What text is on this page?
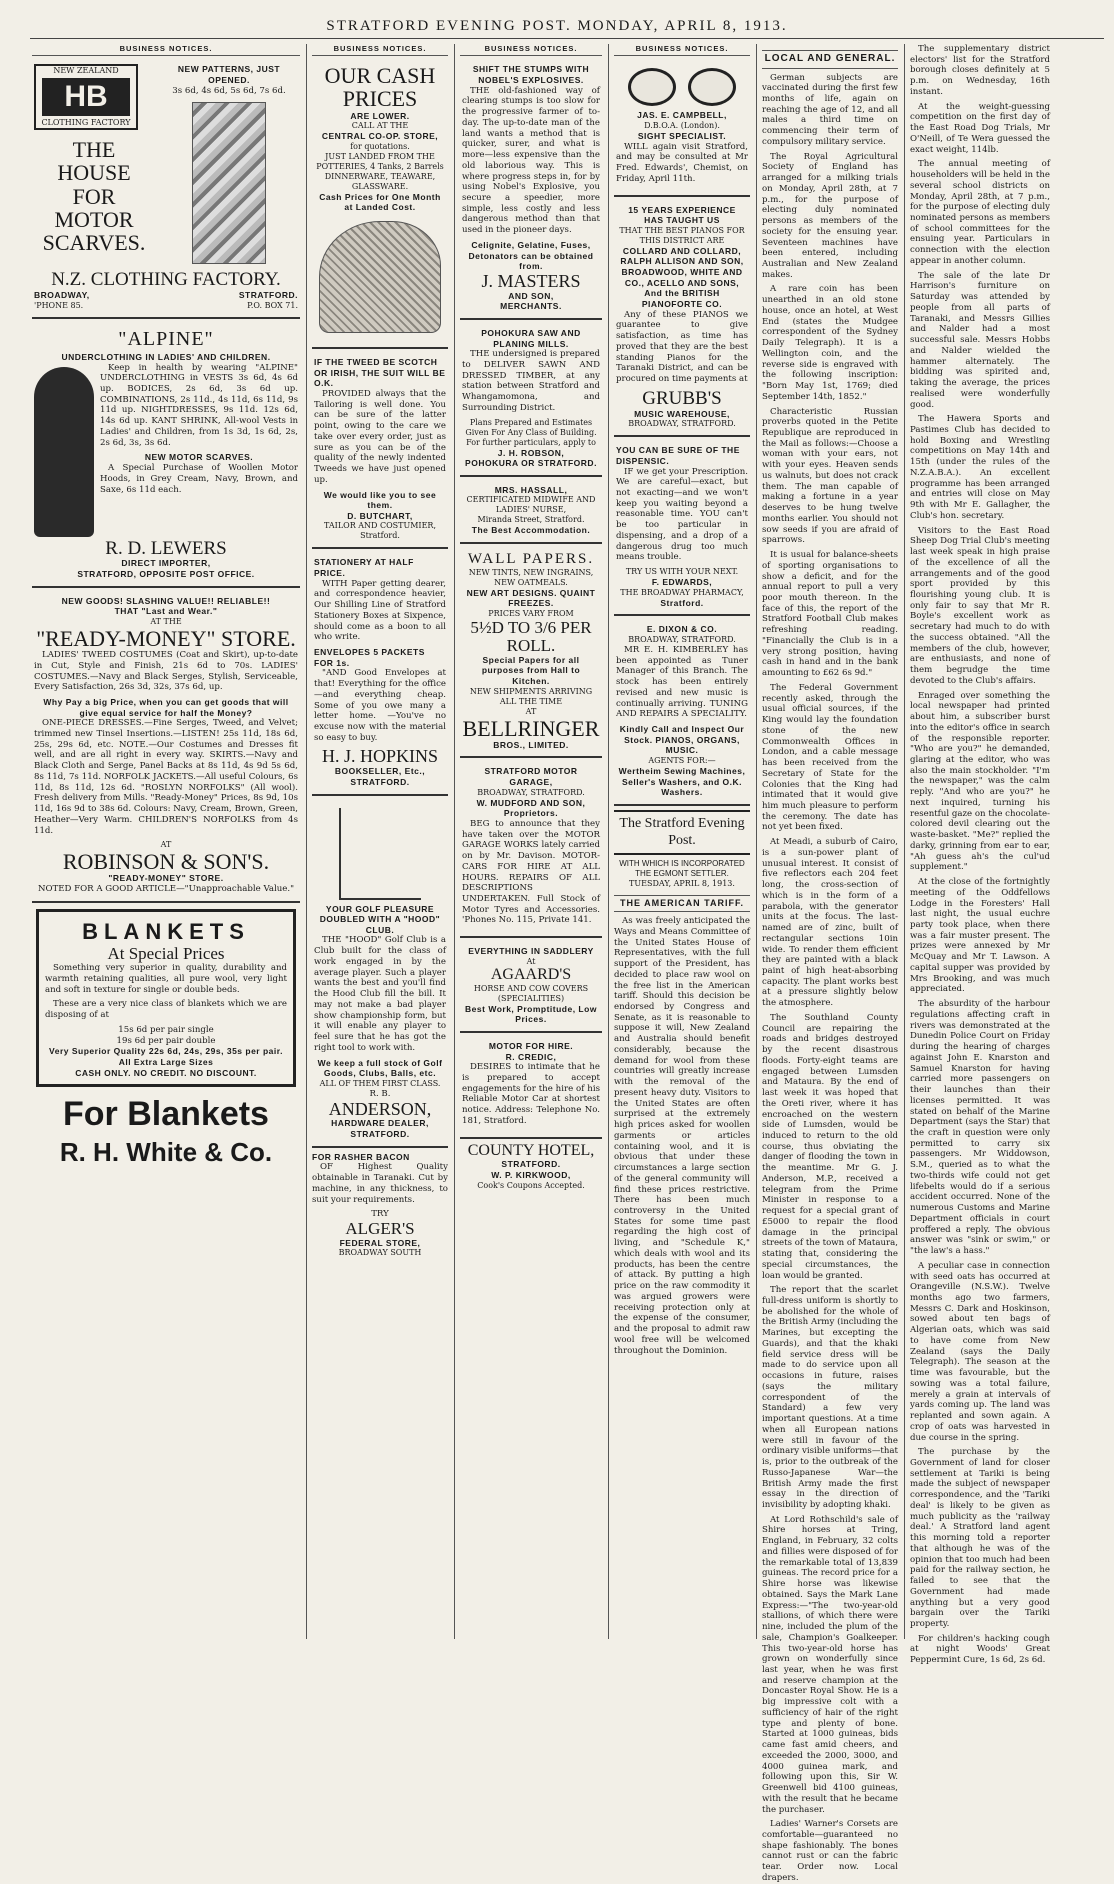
STRATFORD EVENING POST. MONDAY, APRIL 8, 1913.
BUSINESS NOTICES.
NEW ZEALAND
HB
CLOTHING FACTORY
THE HOUSE FOR MOTOR SCARVES.
NEW PATTERNS, JUST OPENED.
3s 6d, 4s 6d, 5s 6d, 7s 6d.
N.Z. CLOTHING FACTORY.
BROADWAY,	STRATFORD.
'PHONE 85.	P.O. BOX 71.
"ALPINE"
UNDERCLOTHING IN LADIES' AND CHILDREN.

Keep in health by wearing "ALPINE" UNDERCLOTHING in VESTS 3s 6d, 4s 6d up. BODICES, 2s 6d, 3s 6d up. COMBINATIONS, 2s 11d., 4s 11d, 6s 11d, 9s 11d up. NIGHTDRESSES, 9s 11d. 12s 6d, 14s 6d up. KANT SHRINK, All-wool Vests in Ladies' and Children, from 1s 3d, 1s 6d, 2s, 2s 6d, 3s, 3s 6d.

NEW MOTOR SCARVES.

A Special Purchase of Woollen Motor Hoods, in Grey Cream, Navy, Brown, and Saxe, 6s 11d each.

R. D. LEWERS
DIRECT IMPORTER,
STRATFORD, OPPOSITE POST OFFICE.
NEW GOODS! SLASHING VALUE!! RELIABLE!!
THAT "Last and Wear."
AT THE
"READY-MONEY" STORE.

LADIES' TWEED COSTUMES (Coat and Skirt), up-to-date in Cut, Style and Finish, 21s 6d to 70s. LADIES' COSTUMES.—Navy and Black Serges, Stylish, Serviceable, Every Satisfaction, 26s 3d, 32s, 37s 6d, up.

Why Pay a big Price, when you can get goods that will give equal service for half the Money?

ONE-PIECE DRESSES.—Fine Serges, Tweed, and Velvet; trimmed new Tinsel Insertions.—LISTEN! 25s 11d, 18s 6d, 25s, 29s 6d, etc. NOTE.—Our Costumes and Dresses fit well, and are all right in every way. SKIRTS.—Navy and Black Cloth and Serge, Panel Backs at 8s 11d, 4s 9d 5s 6d, 8s 11d, 7s 11d. NORFOLK JACKETS.—All useful Colours, 6s 11d, 8s 11d, 12s 6d. "ROSLYN NORFOLKS" (All wool). Fresh delivery from Mills. "Ready-Money" Prices, 8s 9d, 10s 11d, 16s 9d to 38s 6d. Colours: Navy, Cream, Brown, Green, Heather—Very Warm. CHILDREN'S NORFOLKS from 4s 11d.

AT
ROBINSON & SON'S.
"READY-MONEY" STORE.
NOTED FOR A GOOD ARTICLE—"Unapproachable Value."
BLANKETS
At Special Prices

Something very superior in quality, durability and warmth retaining qualities, all pure wool, very light and soft in texture for single or double beds.

These are a very nice class of blankets which we are disposing of at

15s 6d per pair single
19s 6d per pair double
Very Superior Quality 22s 6d, 24s, 29s, 35s per pair.
All Extra Large Sizes
CASH ONLY. NO CREDIT. NO DISCOUNT.
For Blankets
R. H. White & Co.
BUSINESS NOTICES.
OUR CASH PRICES
ARE LOWER.
CALL AT THE
CENTRAL CO-OP. STORE,
for quotations.
JUST LANDED FROM THE POTTERIES, 4 Tanks, 2 Barrels DINNERWARE, TEAWARE, GLASSWARE.
Cash Prices for One Month at Landed Cost.
IF THE TWEED BE SCOTCH OR IRISH, THE SUIT WILL BE O.K.

PROVIDED always that the Tailoring is well done. You can be sure of the latter point, owing to the care we take over every order, just as sure as you can be of the quality of the newly indented Tweeds we have just opened up.

We would like you to see them.
D. BUTCHART,
TAILOR AND COSTUMIER,
Stratford.
STATIONERY AT HALF PRICE.

WITH Paper getting dearer, and correspondence heavier, Our Shilling Line of Stratford Stationery Boxes at Sixpence, should come as a boon to all who write.

ENVELOPES 5 PACKETS FOR 1s.

"AND Good Envelopes at that! Everything for the office—and everything cheap. Some of you owe many a letter home. —You've no excuse now with the material so easy to buy.

H. J. HOPKINS
BOOKSELLER, Etc., STRATFORD.
YOUR GOLF PLEASURE
DOUBLED WITH A "HOOD" CLUB.

THE "HOOD" Golf Club is a Club built for the class of work engaged in by the average player. Such a player wants the best and you'll find the Hood Club fill the bill. It may not make a bad player show championship form, but it will enable any player to feel sure that he has got the right tool to work with.

We keep a full stock of Golf Goods, Clubs, Balls, etc.
ALL OF THEM FIRST CLASS.
R. B.
ANDERSON,
HARDWARE DEALER,
STRATFORD.
FOR RASHER BACON

OF Highest Quality obtainable in Taranaki. Cut by machine, in any thickness, to suit your requirements.

TRY
ALGER'S
FEDERAL STORE,
BROADWAY SOUTH
BUSINESS NOTICES.
SHIFT THE STUMPS WITH NOBEL'S EXPLOSIVES.

THE old-fashioned way of clearing stumps is too slow for the progressive farmer of to-day. The up-to-date man of the land wants a method that is quicker, surer, and what is more—less expensive than the old laborious way. This is where progress steps in, for by using Nobel's Explosive, you secure a speedier, more simple, less costly and less dangerous method than that used in the pioneer days.

Celignite, Gelatine, Fuses, Detonators can be obtained from.
J. MASTERS
AND SON,
MERCHANTS.
POHOKURA SAW AND PLANING MILLS.

THE undersigned is prepared to DELIVER SAWN AND DRESSED TIMBER, at any station between Stratford and Whangamomona, and Surrounding District.

Plans Prepared and Estimates Given For Any Class of Building.
For further particulars, apply to
J. H. ROBSON,
POHOKURA OR STRATFORD.
MRS. HASSALL,
CERTIFICATED MIDWIFE AND LADIES' NURSE,
Miranda Street, Stratford.
The Best Accommodation.
WALL PAPERS.
NEW TINTS, NEW INGRAINS, NEW OATMEALS.
NEW ART DESIGNS. QUAINT FREEZES.
PRICES VARY FROM
5½D TO 3/6 PER ROLL.
Special Papers for all purposes from Hall to Kitchen.
NEW SHIPMENTS ARRIVING ALL THE TIME
AT
BELLRINGER
BROS., LIMITED.
STRATFORD MOTOR GARAGE,
BROADWAY, STRATFORD.
W. MUDFORD AND SON, Proprietors.

BEG to announce that they have taken over the MOTOR GARAGE WORKS lately carried on by Mr. Davison. MOTOR-CARS FOR HIRE AT ALL HOURS. REPAIRS OF ALL DESCRIPTIONS UNDERTAKEN. Full Stock of Motor Tyres and Accessories. 'Phones No. 115, Private 141.

EVERYTHING IN SADDLERY
At
AGAARD'S
HORSE AND COW COVERS (SPECIALITIES)
Best Work, Promptitude, Low Prices.
MOTOR FOR HIRE.
R. CREDIC,

DESIRES to intimate that he is prepared to accept engagements for the hire of his Reliable Motor Car at shortest notice. Address: Telephone No. 181, Stratford.

COUNTY HOTEL,
STRATFORD.
W. P. KIRKWOOD,
Cook's Coupons Accepted.
BUSINESS NOTICES.
JAS. E. CAMPBELL,
D.B.O.A. (London).
SIGHT SPECIALIST.

WILL again visit Stratford, and may be consulted at Mr Fred. Edwards', Chemist, on Friday, April 11th.

15 YEARS EXPERIENCE
HAS TAUGHT US
THAT THE BEST PIANOS FOR THIS DISTRICT ARE
COLLARD AND COLLARD, RALPH ALLISON AND SON, BROADWOOD, WHITE AND CO., ACELLO AND SONS, And the BRITISH PIANOFORTE CO.

Any of these PIANOS we guarantee to give satisfaction, as time has proved that they are the best standing Pianos for the Taranaki District, and can be procured on time payments at

GRUBB'S
MUSIC WAREHOUSE,
BROADWAY, STRATFORD.
YOU CAN BE SURE OF THE DISPENSIC.

IF we get your Prescription. We are careful—exact, but not exacting—and we won't keep you waiting beyond a reasonable time. YOU can't be too particular in dispensing, and a drop of a dangerous drug too much means trouble.

TRY US WITH YOUR NEXT.
F. EDWARDS,
THE BROADWAY PHARMACY,
Stratford.
E. DIXON & CO.
BROADWAY, STRATFORD.

MR E. H. KIMBERLEY has been appointed as Tuner Manager of this Branch. The stock has been entirely revised and new music is continually arriving. TUNING AND REPAIRS A SPECIALITY.

Kindly Call and Inspect Our Stock. PIANOS, ORGANS, MUSIC.
AGENTS FOR:—
Wertheim Sewing Machines, Seller's Washers, and O.K. Washers.
The Stratford Evening Post.
WITH WHICH IS INCORPORATED THE EGMONT SETTLER.
TUESDAY, APRIL 8, 1913.
THE AMERICAN TARIFF.

As was freely anticipated the Ways and Means Committee of the United States House of Representatives, with the full support of the President, has decided to place raw wool on the free list in the American tariff. Should this decision be endorsed by Congress and Senate, as it is reasonable to suppose it will, New Zealand and Australia should benefit considerably, because the demand for wool from these countries will greatly increase with the removal of the present heavy duty. Visitors to the United States are often surprised at the extremely high prices asked for woollen garments or articles containing wool, and it is obvious that under these circumstances a large section of the general community will find these prices restrictive. There has been much controversy in the United States for some time past regarding the high cost of living, and "Schedule K," which deals with wool and its products, has been the centre of attack. By putting a high price on the raw commodity it was argued growers were receiving protection only at the expense of the consumer, and the proposal to admit raw wool free will be welcomed throughout the Dominion.

LOCAL AND GENERAL.

German subjects are vaccinated during the first few months of life, again on reaching the age of 12, and all males a third time on commencing their term of compulsory military service.

The Royal Agricultural Society of England has arranged for a milking trials on Monday, April 28th, at 7 p.m., for the purpose of electing duly nominated persons as members of the society for the ensuing year. Seventeen machines have been entered, including Australian and New Zealand makes.

A rare coin has been unearthed in an old stone house, once an hotel, at West End (states the Mudgee correspondent of the Sydney Daily Telegraph). It is a Wellington coin, and the reverse side is engraved with the following inscription: "Born May 1st, 1769; died September 14th, 1852."

Characteristic Russian proverbs quoted in the Petite Republique are reproduced in the Mail as follows:—Choose a woman with your ears, not with your eyes. Heaven sends us walnuts, but does not crack them. The man capable of making a fortune in a year deserves to be hung twelve months earlier. You should not sow seeds if you are afraid of sparrows.

It is usual for balance-sheets of sporting organisations to show a deficit, and for the annual report to pull a very poor mouth thereon. In the face of this, the report of the Stratford Football Club makes refreshing reading. "Financially the Club is in a very strong position, having cash in hand and in the bank amounting to £62 6s 9d."

The Federal Government recently asked, through the usual official sources, if the King would lay the foundation stone of the new Commonwealth Offices in London, and a cable message has been received from the Secretary of State for the Colonies that the King had intimated that it would give him much pleasure to perform the ceremony. The date has not yet been fixed.

At Meadi, a suburb of Cairo, is a sun-power plant of unusual interest. It consist of five reflectors each 204 feet long, the cross-section of which is in the form of a parabola, with the generator units at the focus. The last-named are of zinc, built of rectangular sections 10in wide. To render them efficient they are painted with a black paint of high heat-absorbing capacity. The plant works best at a pressure slightly below the atmosphere.

The Southland County Council are repairing the roads and bridges destroyed by the recent disastrous floods. Forty-eight teams are engaged between Lumsden and Mataura. By the end of last week it was hoped that the Oreti river, where it has encroached on the western side of Lumsden, would be induced to return to the old course, thus obviating the danger of flooding the town in the meantime. Mr G. J. Anderson, M.P., received a telegram from the Prime Minister in response to a request for a special grant of £5000 to repair the flood damage in the principal streets of the town of Mataura, stating that, considering the special circumstances, the loan would be granted.

The report that the scarlet full-dress uniform is shortly to be abolished for the whole of the British Army (including the Marines, but excepting the Guards), and that the khaki field service dress will be made to do service upon all occasions in future, raises (says the military correspondent of the Standard) a few very important questions. At a time when all European nations were still in favour of the ordinary visible uniforms—that is, prior to the outbreak of the Russo-Japanese War—the British Army made the first essay in the direction of invisibility by adopting khaki.

At Lord Rothschild's sale of Shire horses at Tring, England, in February, 32 colts and fillies were disposed of for the remarkable total of 13,839 guineas. The record price for a Shire horse was likewise obtained. Says the Mark Lane Express:—"The two-year-old stallions, of which there were nine, included the plum of the sale, Champion's Goalkeeper. This two-year-old horse has grown on wonderfully since last year, when he was first and reserve champion at the Doncaster Royal Show. He is a big impressive colt with a sufficiency of hair of the right type and plenty of bone. Started at 1000 guineas, bids came fast amid cheers, and exceeded the 2000, 3000, and 4000 guinea mark, and following upon this, Sir W. Greenwell bid 4100 guineas, with the result that he became the purchaser.

Ladies' Warner's Corsets are comfortable—guaranteed no shape fashionably. The bones cannot rust or can the fabric tear. Order now. Local drapers.

The supplementary district electors' list for the Stratford borough closes definitely at 5 p.m. on Wednesday, 16th instant.

At the weight-guessing competition on the first day of the East Road Dog Trials, Mr O'Neill, of Te Wera guessed the exact weight, 114lb.

The annual meeting of householders will be held in the several school districts on Monday, April 28th, at 7 p.m., for the purpose of electing duly nominated persons as members of school committees for the ensuing year. Particulars in connection with the election appear in another column.

The sale of the late Dr Harrison's furniture on Saturday was attended by people from all parts of Taranaki, and Messrs Gillies and Nalder had a most successful sale. Messrs Hobbs and Nalder wielded the hammer alternately. The bidding was spirited and, taking the average, the prices realised were wonderfully good.

The Hawera Sports and Pastimes Club has decided to hold Boxing and Wrestling competitions on May 14th and 15th (under the rules of the N.Z.A.B.A.). An excellent programme has been arranged and entries will close on May 9th with Mr E. Gallagher, the Club's hon. secretary.

Visitors to the East Road Sheep Dog Trial Club's meeting last week speak in high praise of the excellence of all the arrangements and of the good sport provided by this flourishing young club. It is only fair to say that Mr R. Boyle's excellent work as secretary had much to do with the success obtained. "All the members of the club, however, are enthusiasts, and none of them begrudge the time devoted to the Club's affairs.

Enraged over something the local newspaper had printed about him, a subscriber burst into the editor's office in search of the responsible reporter. "Who are you?" he demanded, glaring at the editor, who was also the main stockholder. "I'm the newspaper," was the calm reply. "And who are you?" he next inquired, turning his resentful gaze on the chocolate-colored devil clearing out the waste-basket. "Me?" replied the darky, grinning from ear to ear, "Ah guess ah's the cul'ud supplement."

At the close of the fortnightly meeting of the Oddfellows Lodge in the Foresters' Hall last night, the usual euchre party took place, when there was a fair muster present. The prizes were annexed by Mr McQuay and Mr T. Lawson. A capital supper was provided by Mrs Brooking, and was much appreciated.

The absurdity of the harbour regulations affecting craft in rivers was demonstrated at the Dunedin Police Court on Friday during the hearing of charges against John E. Knarston and Samuel Knarston for having carried more passengers on their launches than their licenses permitted. It was stated on behalf of the Marine Department (says the Star) that the craft in question were only permitted to carry six passengers. Mr Widdowson, S.M., queried as to what the two-thirds wife could not get lifebelts would do if a serious accident occurred. None of the numerous Customs and Marine Department officials in court proffered a reply. The obvious answer was "sink or swim," or "the law's a hass."

A peculiar case in connection with seed oats has occurred at Orangeville (N.S.W.). Twelve months ago two farmers, Messrs C. Dark and Hoskinson, sowed about ten bags of Algerian oats, which was said to have come from New Zealand (says the Daily Telegraph). The season at the time was favourable, but the sowing was a total failure, merely a grain at intervals of yards coming up. The land was replanted and sown again. A crop of oats was harvested in due course in the spring.

The purchase by the Government of land for closer settlement at Tariki is being made the subject of newspaper correspondence, and the 'Tariki deal' is likely to be given as much publicity as the 'railway deal.' A Stratford land agent this morning told a reporter that although he was of the opinion that too much had been paid for the railway section, he failed to see that the Government had made anything but a very good bargain over the Tariki property.

For children's hacking cough at night Woods' Great Peppermint Cure, 1s 6d, 2s 6d.
